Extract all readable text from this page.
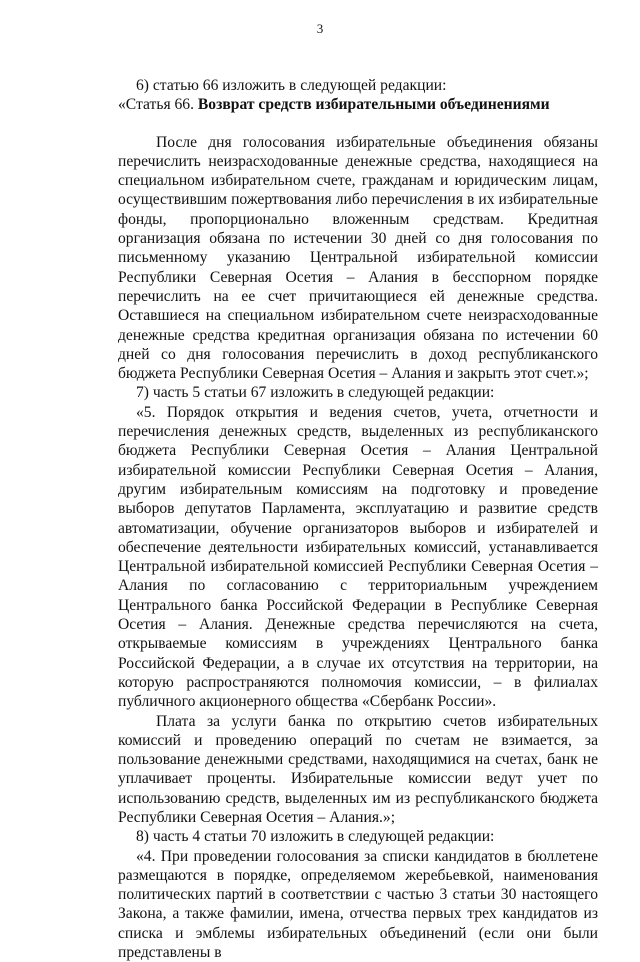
3

6) статью 66 изложить в следующей редакции:

«Статья 66. Возврат средств избирательными объединениями

После дня голосования избирательные объединения обязаны перечислить неизрасходованные денежные средства, находящиеся на специальном избирательном счете, гражданам и юридическим лицам, осуществившим пожертвования либо перечисления в их избирательные фонды, пропорционально вложенным средствам. Кредитная организация обязана по истечении 30 дней со дня голосования по письменному указанию Центральной избирательной комиссии Республики Северная Осетия – Алания в бесспорном порядке перечислить на ее счет причитающиеся ей денежные средства. Оставшиеся на специальном избирательном счете неизрасходованные денежные средства кредитная организация обязана по истечении 60 дней со дня голосования перечислить в доход республиканского бюджета Республики Северная Осетия – Алания и закрыть этот счет.»;

7) часть 5 статьи 67 изложить в следующей редакции:

«5. Порядок открытия и ведения счетов, учета, отчетности и перечисления денежных средств, выделенных из республиканского бюджета Республики Северная Осетия – Алания Центральной избирательной комиссии Республики Северная Осетия – Алания, другим избирательным комиссиям на подготовку и проведение выборов депутатов Парламента, эксплуатацию и развитие средств автоматизации, обучение организаторов выборов и избирателей и обеспечение деятельности избирательных комиссий, устанавливается Центральной избирательной комиссией Республики Северная Осетия – Алания по согласованию с территориальным учреждением Центрального банка Российской Федерации в Республике Северная Осетия – Алания. Денежные средства перечисляются на счета, открываемые комиссиям в учреждениях Центрального банка Российской Федерации, а в случае их отсутствия на территории, на которую распространяются полномочия комиссии, – в филиалах публичного акционерного общества «Сбербанк России».

Плата за услуги банка по открытию счетов избирательных комиссий и проведению операций по счетам не взимается, за пользование денежными средствами, находящимися на счетах, банк не уплачивает проценты. Избирательные комиссии ведут учет по использованию средств, выделенных им из республиканского бюджета Республики Северная Осетия – Алания.»;

8) часть 4 статьи 70 изложить в следующей редакции:

«4. При проведении голосования за списки кандидатов в бюллетене размещаются в порядке, определяемом жеребьевкой, наименования политических партий в соответствии с частью 3 статьи 30 настоящего Закона, а также фамилии, имена, отчества первых трех кандидатов из списка и эмблемы избирательных объединений (если они были представлены в
